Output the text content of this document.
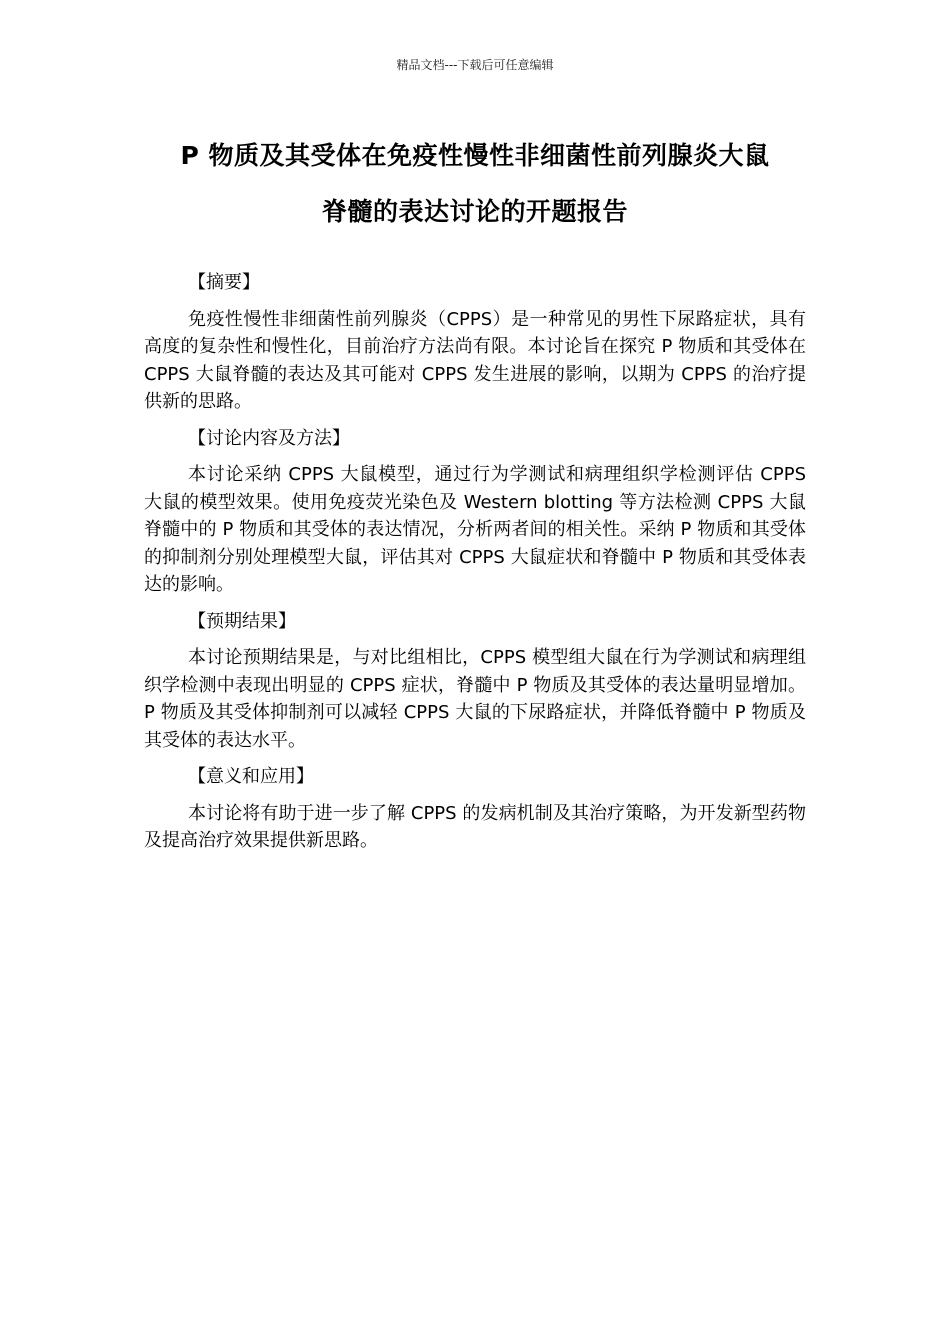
精品文档---下载后可任意编辑
P 物质及其受体在免疫性慢性非细菌性前列腺炎大鼠
脊髓的表达讨论的开题报告
【摘要】
免疫性慢性非细菌性前列腺炎（CPPS）是一种常见的男性下尿路症状，具有高度的复杂性和慢性化，目前治疗方法尚有限。本讨论旨在探究 P 物质和其受体在 CPPS 大鼠脊髓的表达及其可能对 CPPS 发生进展的影响，以期为 CPPS 的治疗提供新的思路。
【讨论内容及方法】
本讨论采纳 CPPS 大鼠模型，通过行为学测试和病理组织学检测评估 CPPS 大鼠的模型效果。使用免疫荧光染色及 Western blotting 等方法检测 CPPS 大鼠脊髓中的 P 物质和其受体的表达情况，分析两者间的相关性。采纳 P 物质和其受体的抑制剂分别处理模型大鼠，评估其对 CPPS 大鼠症状和脊髓中 P 物质和其受体表达的影响。
【预期结果】
本讨论预期结果是，与对比组相比，CPPS 模型组大鼠在行为学测试和病理组织学检测中表现出明显的 CPPS 症状，脊髓中 P 物质及其受体的表达量明显增加。P 物质及其受体抑制剂可以减轻 CPPS 大鼠的下尿路症状，并降低脊髓中 P 物质及其受体的表达水平。
【意义和应用】
本讨论将有助于进一步了解 CPPS 的发病机制及其治疗策略，为开发新型药物及提高治疗效果提供新思路。
